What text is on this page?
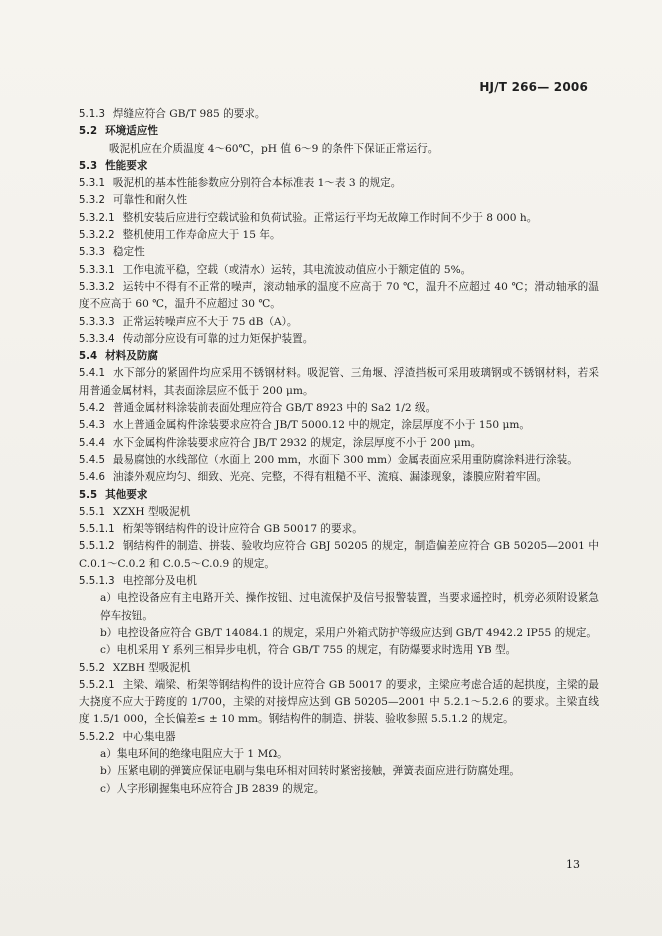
HJ/T 266— 2006

5.1.3 焊缝应符合 GB/T 985 的要求。

5.2 环境适应性

吸泥机应在介质温度 4～60℃，pH 值 6～9 的条件下保证正常运行。

5.3 性能要求

5.3.1 吸泥机的基本性能参数应分别符合本标准表 1～表 3 的规定。

5.3.2 可靠性和耐久性

5.3.2.1 整机安装后应进行空载试验和负荷试验。正常运行平均无故障工作时间不少于 8 000 h。

5.3.2.2 整机使用工作寿命应大于 15 年。

5.3.3 稳定性

5.3.3.1 工作电流平稳，空载（或清水）运转，其电流波动值应小于额定值的 5%。

5.3.3.2 运转中不得有不正常的噪声，滚动轴承的温度不应高于 70 ℃，温升不应超过 40 ℃；滑动轴承的温度不应高于 60 ℃，温升不应超过 30 ℃。

5.3.3.3 正常运转噪声应不大于 75 dB（A）。

5.3.3.4 传动部分应设有可靠的过力矩保护装置。

5.4 材料及防腐

5.4.1 水下部分的紧固件均应采用不锈钢材料。吸泥管、三角堰、浮渣挡板可采用玻璃钢或不锈钢材料，若采用普通金属材料，其表面涂层应不低于 200 μm。

5.4.2 普通金属材料涂装前表面处理应符合 GB/T 8923 中的 Sa2 1/2 级。

5.4.3 水上普通金属构件涂装要求应符合 JB/T 5000.12 中的规定，涂层厚度不小于 150 μm。

5.4.4 水下金属构件涂装要求应符合 JB/T 2932 的规定，涂层厚度不小于 200 μm。

5.4.5 最易腐蚀的水线部位（水面上 200 mm，水面下 300 mm）金属表面应采用重防腐涂料进行涂装。

5.4.6 油漆外观应均匀、细致、光亮、完整，不得有粗糙不平、流痕、漏漆现象，漆膜应附着牢固。

5.5 其他要求

5.5.1 XZXH 型吸泥机

5.5.1.1 桁架等钢结构件的设计应符合 GB 50017 的要求。

5.5.1.2 钢结构件的制造、拼装、验收均应符合 GBJ 50205 的规定，制造偏差应符合 GB 50205—2001 中 C.0.1～C.0.2 和 C.0.5～C.0.9 的规定。

5.5.1.3 电控部分及电机

a）电控设备应有主电路开关、操作按钮、过电流保护及信号报警装置，当要求遥控时，机旁必须附设紧急停车按钮。

b）电控设备应符合 GB/T 14084.1 的规定，采用户外箱式防护等级应达到 GB/T 4942.2 IP55 的规定。

c）电机采用 Y 系列三相异步电机，符合 GB/T 755 的规定，有防爆要求时选用 YB 型。

5.5.2 XZBH 型吸泥机

5.5.2.1 主梁、端梁、桁架等钢结构件的设计应符合 GB 50017 的要求，主梁应考虑合适的起拱度，主梁的最大挠度不应大于跨度的 1/700，主梁的对接焊应达到 GB 50205—2001 中 5.2.1～5.2.6 的要求。主梁直线度 1.5/1 000，全长偏差≤ ± 10 mm。钢结构件的制造、拼装、验收参照 5.5.1.2 的规定。

5.5.2.2 中心集电器

a）集电环间的绝缘电阻应大于 1 MΩ。

b）压紧电刷的弹簧应保证电刷与集电环相对回转时紧密接触，弹簧表面应进行防腐处理。

c）人字形刷握集电环应符合 JB 2839 的规定。

13
